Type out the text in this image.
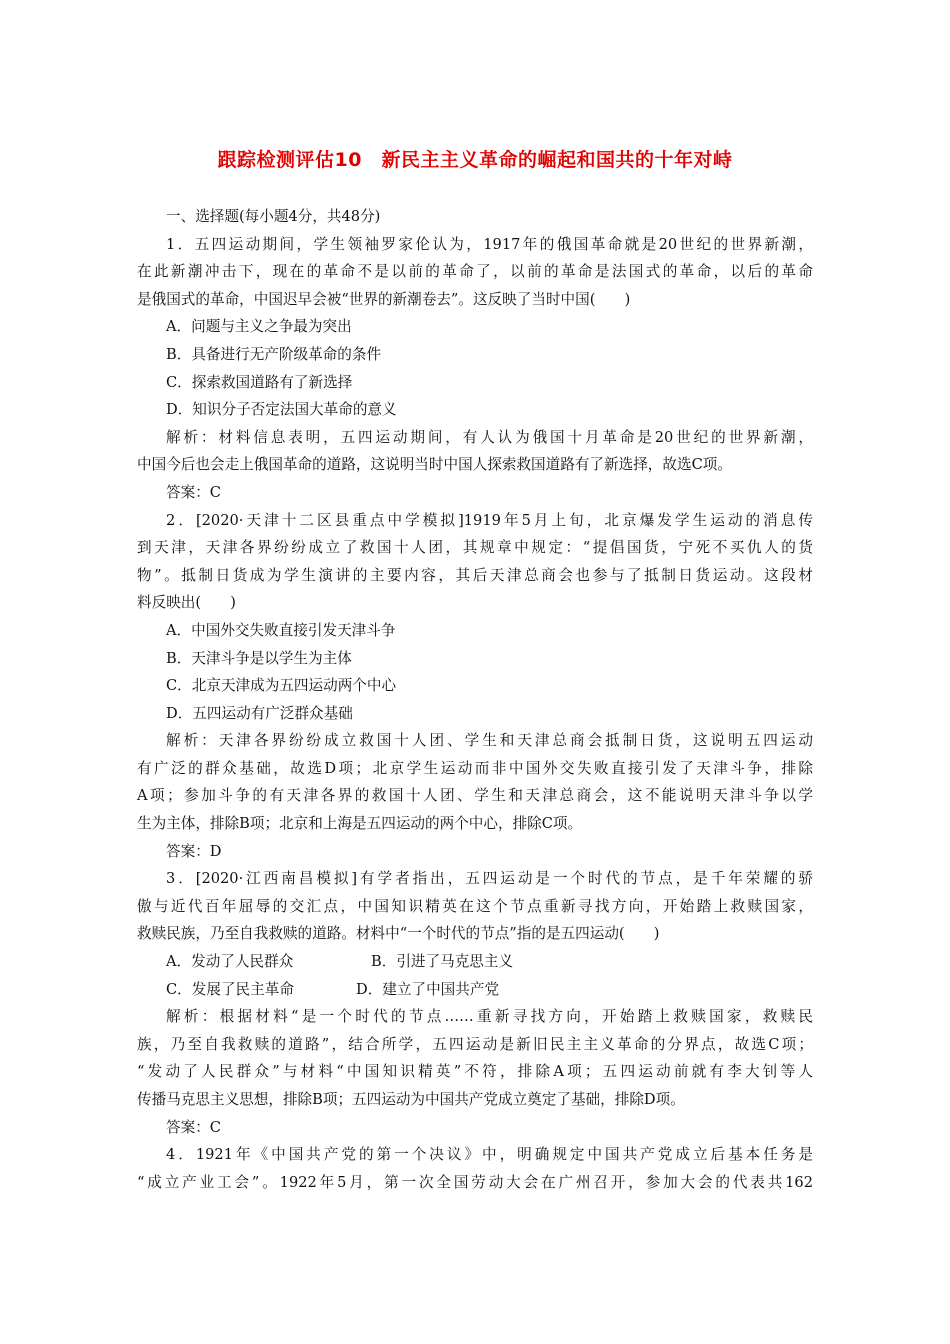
跟踪检测评估10　新民主主义革命的崛起和国共的十年对峙
一、选择题(每小题4分，共48分)
1．五四运动期间，学生领袖罗家伦认为，1917年的俄国革命就是20世纪的世界新潮，
在此新潮冲击下，现在的革命不是以前的革命了，以前的革命是法国式的革命，以后的革命
是俄国式的革命，中国迟早会被“世界的新潮卷去”。这反映了当时中国(　　)
A．问题与主义之争最为突出
B．具备进行无产阶级革命的条件
C．探索救国道路有了新选择
D．知识分子否定法国大革命的意义
解析：材料信息表明，五四运动期间，有人认为俄国十月革命是20世纪的世界新潮，
中国今后也会走上俄国革命的道路，这说明当时中国人探索救国道路有了新选择，故选C项。
答案：C
2．[2020·天津十二区县重点中学模拟]1919年5月上旬，北京爆发学生运动的消息传
到天津，天津各界纷纷成立了救国十人团，其规章中规定：“提倡国货，宁死不买仇人的货
物”。抵制日货成为学生演讲的主要内容，其后天津总商会也参与了抵制日货运动。这段材
料反映出(　　)
A．中国外交失败直接引发天津斗争
B．天津斗争是以学生为主体
C．北京天津成为五四运动两个中心
D．五四运动有广泛群众基础
解析：天津各界纷纷成立救国十人团、学生和天津总商会抵制日货，这说明五四运动
有广泛的群众基础，故选D项；北京学生运动而非中国外交失败直接引发了天津斗争，排除
A项；参加斗争的有天津各界的救国十人团、学生和天津总商会，这不能说明天津斗争以学
生为主体，排除B项；北京和上海是五四运动的两个中心，排除C项。
答案：D
3．[2020·江西南昌模拟]有学者指出，五四运动是一个时代的节点，是千年荣耀的骄
傲与近代百年屈辱的交汇点，中国知识精英在这个节点重新寻找方向，开始踏上救赎国家，
救赎民族，乃至自我救赎的道路。材料中“一个时代的节点”指的是五四运动(　　)
A．发动了人民群众	B．引进了马克思主义
C．发展了民主革命	D．建立了中国共产党
解析：根据材料“是一个时代的节点……重新寻找方向，开始踏上救赎国家，救赎民
族，乃至自我救赎的道路”，结合所学，五四运动是新旧民主主义革命的分界点，故选C项；
“发动了人民群众”与材料“中国知识精英”不符，排除A项；五四运动前就有李大钊等人
传播马克思主义思想，排除B项；五四运动为中国共产党成立奠定了基础，排除D项。
答案：C
4．1921年《中国共产党的第一个决议》中，明确规定中国共产党成立后基本任务是
“成立产业工会”。1922年5月，第一次全国劳动大会在广州召开，参加大会的代表共162
